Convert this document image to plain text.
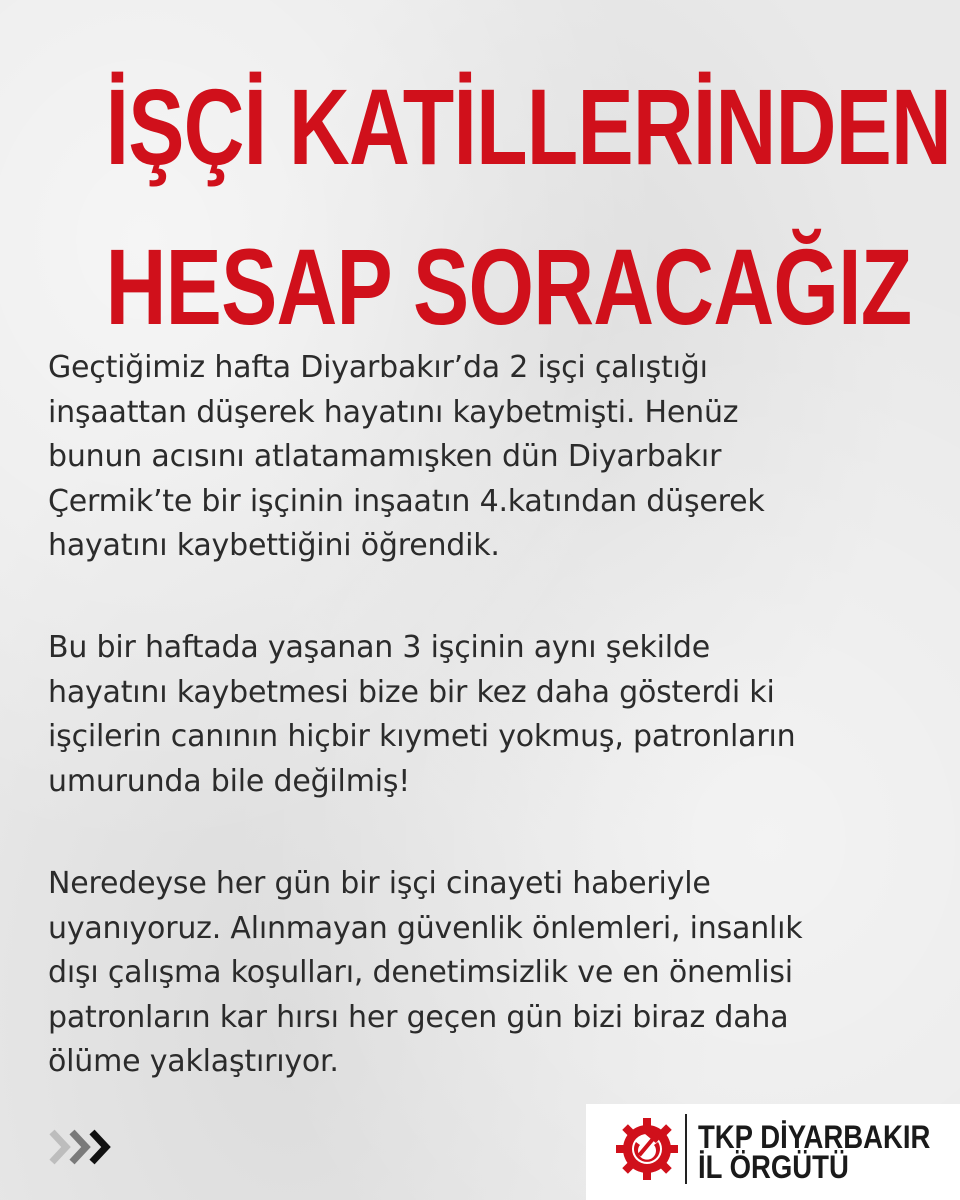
İŞÇİ KATİLLERİNDEN
HESAP SORACAĞIZ
Geçtiğimiz hafta Diyarbakır’da 2 işçi çalıştığı
inşaattan düşerek hayatını kaybetmişti. Henüz
bunun acısını atlatamamışken dün Diyarbakır
Çermik’te bir işçinin inşaatın 4.katından düşerek
hayatını kaybettiğini öğrendik.
Bu bir haftada yaşanan 3 işçinin aynı şekilde
hayatını kaybetmesi bize bir kez daha gösterdi ki
işçilerin canının hiçbir kıymeti yokmuş, patronların
umurunda bile değilmiş!
Neredeyse her gün bir işçi cinayeti haberiyle
uyanıyoruz. Alınmayan güvenlik önlemleri, insanlık
dışı çalışma koşulları, denetimsizlik ve en önemlisi
patronların kar hırsı her geçen gün bizi biraz daha
ölüme yaklaştırıyor.
TKP DİYARBAKIR
İL ÖRGÜTÜ
